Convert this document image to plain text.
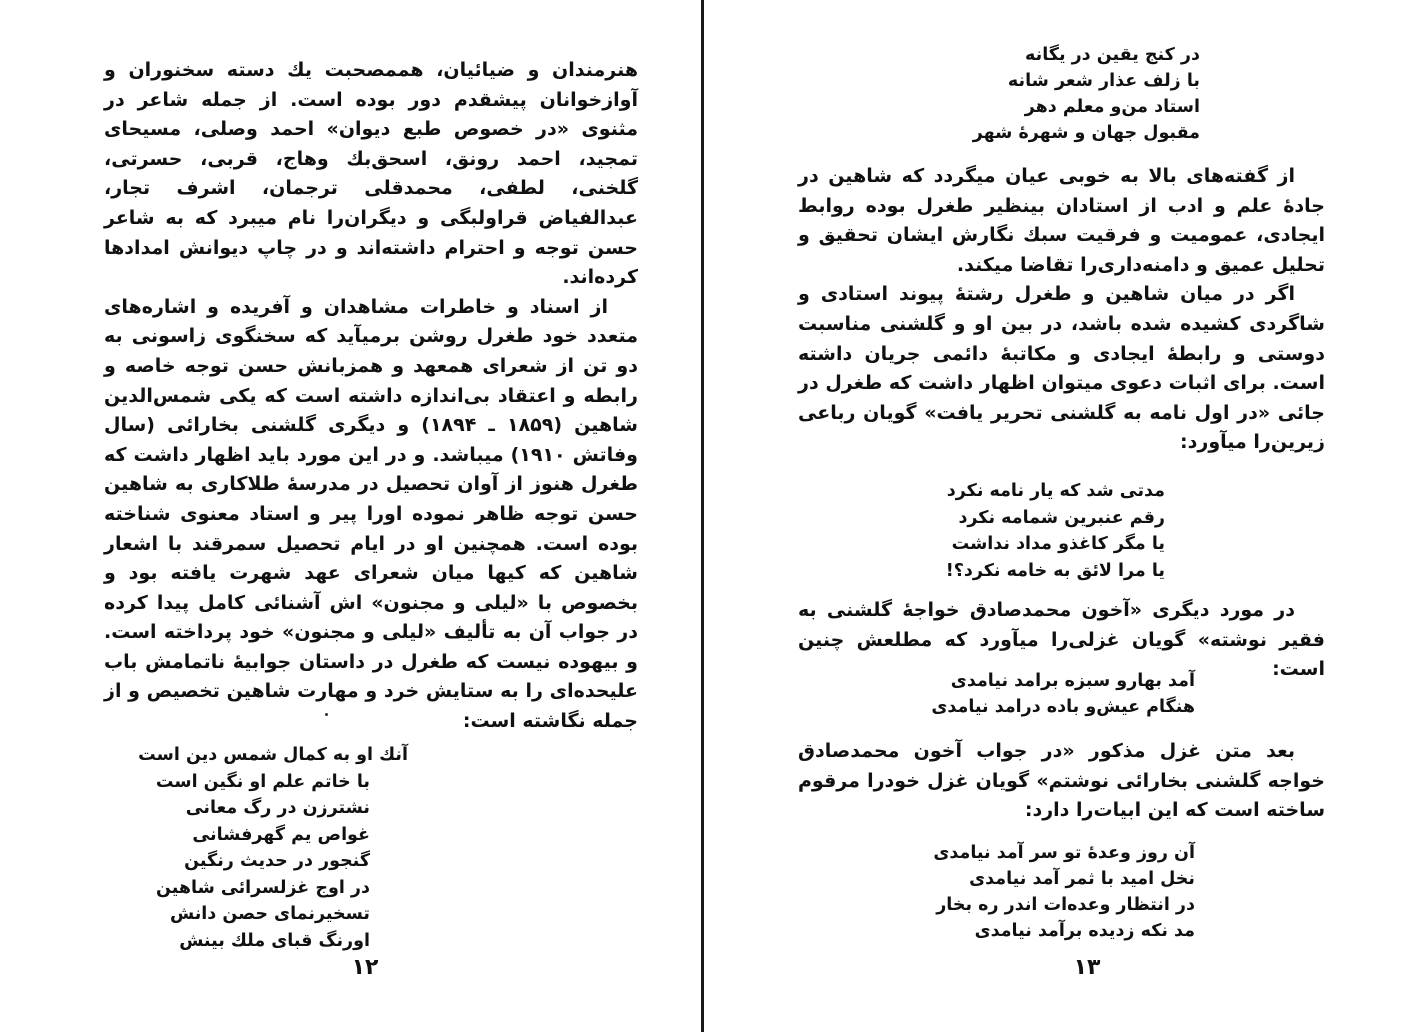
هنرمندان و ضیائیان، هممصحبت یك دسته سخنوران و آوازخوانان پیشقدم دور بوده است. از جمله شاعر در مثنوی «در خصوص طبع دیوان» احمد وصلی، مسیحای تمجید، احمد رونق، اسحق‌بك وهاج، قربی، حسرتی، گلخنی، لطفی، محمدقلی ترجمان، اشرف تجار، عبدالفیاض قراولبگی و دیگران‌را نام میبرد که به شاعر حسن توجه و احترام داشته‌اند و در چاپ دیوانش امدادها کرده‌اند.

از اسناد و خاطرات مشاهدان و آفریده و اشاره‌های متعدد خود طغرل روشن برمیآید که سخنگوی زاسونی به دو تن از شعرای همعهد و همزبانش حسن توجه خاصه و رابطه و اعتقاد بی‌اندازه داشته است که یکی شمس‌الدین شاهین (۱۸۵۹ ـ ۱۸۹۴) و دیگری گلشنی بخارائی (سال وفاتش ۱۹۱۰) میباشد. و در این مورد باید اظهار داشت که طغرل هنوز از آوان تحصیل در مدرسهٔ طلاکاری به شاهین حسن توجه ظاهر نموده اورا پیر و استاد معنوی شناخته بوده است. همچنین او در ایام تحصیل سمرقند با اشعار شاهین که کیها میان شعرای عهد شهرت یافته بود و بخصوص با «لیلی و مجنون» اش آشنائی کامل پیدا کرده در جواب آن به تألیف «لیلی و مجنون» خود پرداخته است. و بیهوده نیست که طغرل در داستان جوابیهٔ ناتمامش باب علیحده‌ای را به ستایش خرد و مهارت شاهین تخصیص و از جمله نگاشته است:

آنك او به کمال شمس دین است
با خاتم علم او نگین است
نشترزن در رگ معانی
غواص یم گهرفشانی
گنجور در حدیث رنگین
در اوج غزلسرائی شاهین
تسخیرنمای حصن دانش
اورنگ قبای ملك بینش
۱۲
در کنج یقین در یگانه
با زلف عذار شعر شانه
استاد من‌و معلم دهر
مقبول جهان و شهرهٔ شهر

از گفته‌های بالا به خوبی عیان میگردد که شاهین در جادهٔ علم و ادب از استادان بینظیر طغرل بوده روابط ایجادی، عمومیت و فرقیت سبك نگارش ایشان تحقیق و تحلیل عمیق و دامنه‌داری‌را تقاضا میکند.

اگر در میان شاهین و طغرل رشتهٔ پیوند استادی و شاگردی کشیده شده باشد، در بین او و گلشنی مناسبت دوستی و رابطهٔ ایجادی و مکاتبهٔ دائمی جریان داشته است. برای اثبات دعوی میتوان اظهار داشت که طغرل در جائی «در اول نامه به گلشنی تحریر یافت» گویان رباعی زیرین‌را میآورد:

مدتی شد که یار نامه نکرد
رقم عنبرین شمامه نکرد
یا مگر کاغذو مداد نداشت
یا مرا لائق به خامه نکرد؟!

در مورد دیگری «آخون محمدصادق خواجهٔ گلشنی به فقیر نوشته» گویان غزلی‌را میآورد که مطلعش چنین است:

آمد بهارو سبزه برامد نیامدی
هنگام عیش‌و باده درامد نیامدی

بعد متن غزل مذکور «در جواب آخون محمدصادق خواجه گلشنی بخارائی نوشتم» گویان غزل خودرا مرقوم ساخته است که این ابیات‌را دارد:

آن روز وعدهٔ تو سر آمد نیامدی
نخل امید با ثمر آمد نیامدی
در انتظار وعده‌ات اندر ره بخار
مد نکه زدیده برآمد نیامدی
۱۳
